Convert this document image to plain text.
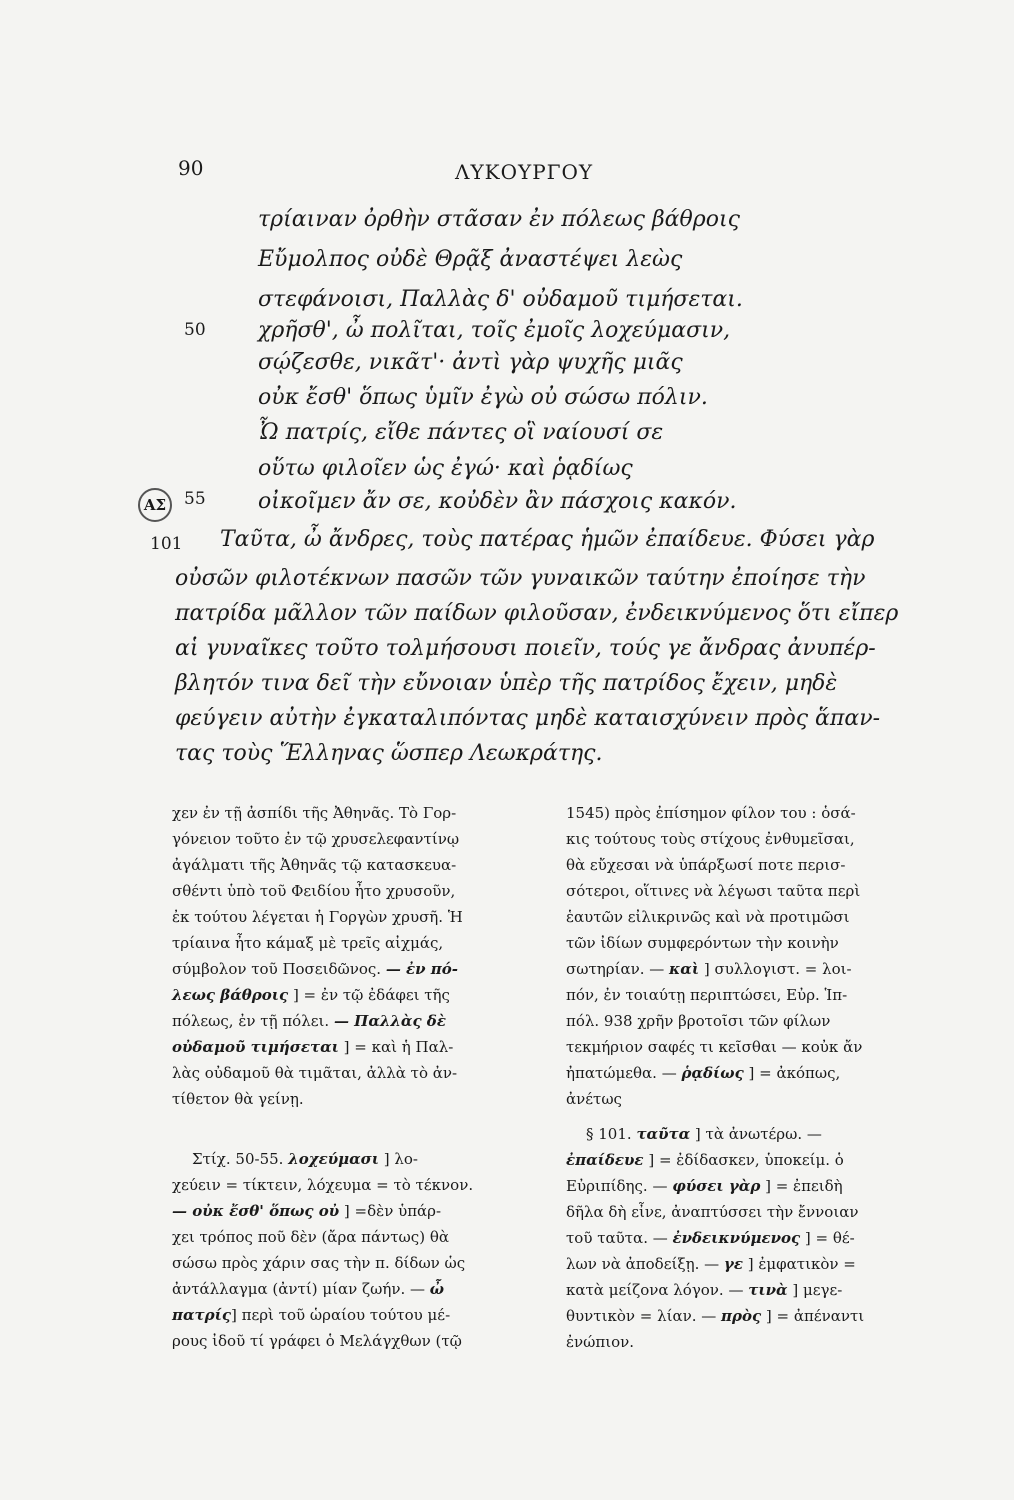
90	ΛΥΚΟΥΡΓΟΥ
τρίαιναν ὀρθὴν στᾶσαν ἐν πόλεως βάθροις
Εὔμολπος οὐδὲ Θρᾷξ ἀναστέψει λεὼς
στεφάνοισι, Παλλὰς δ' οὐδαμοῦ τιμήσεται.
50 χρῆσθ', ὦ πολῖται, τοῖς ἐμοῖς λοχεύμασιν,
σῴζεσθε, νικᾶτ'· ἀντὶ γὰρ ψυχῆς μιᾶς
οὐκ ἔσθ' ὅπως ὑμῖν ἐγὼ οὐ σώσω πόλιν.
Ὦ πατρίς, εἴθε πάντες οἳ ναίουσί σε
οὕτω φιλοῖεν ὡς ἐγώ· καὶ ῥᾳδίως
ΑΣ 55 οἰκοῖμεν ἄν σε, κοὐδὲν ἂν πάσχοις κακόν.
101 Ταῦτα, ὦ ἄνδρες, τοὺς πατέρας ἡμῶν ἐπαίδευε. Φύσει γὰρ
οὐσῶν φιλοτέκνων πασῶν τῶν γυναικῶν ταύτην ἐποίησε τὴν
πατρίδα μᾶλλον τῶν παίδων φιλοῦσαν, ἐνδεικνύμενος ὅτι εἴπερ
αἱ γυναῖκες τοῦτο τολμήσουσι ποιεῖν, τούς γε ἄνδρας ἀνυπέρ-
βλητόν τινα δεῖ τὴν εὔνοιαν ὑπὲρ τῆς πατρίδος ἔχειν, μηδὲ
φεύγειν αὐτὴν ἐγκαταλιπόντας μηδὲ καταισχύνειν πρὸς ἅπαν-
τας τοὺς Ἕλληνας ὥσπερ Λεωκράτης.
χεν ἐν τῇ ἀσπίδι τῆς Ἀθηνᾶς. Τὸ Γορ-
γόνειον τοῦτο ἐν τῷ χρυσελεφαντίνῳ
ἀγάλματι τῆς Ἀθηνᾶς τῷ κατασκευα-
σθέντι ὑπὸ τοῦ Φειδίου ἦτο χρυσοῦν,
ἐκ τούτου λέγεται ἡ Γοργὼν χρυσῆ. Ἡ
τρίαινα ἦτο κάμαξ μὲ τρεῖς αἰχμάς,
σύμβολον τοῦ Ποσειδῶνος. — ἐν πό-
λεως βάθροις ] = ἐν τῷ ἐδάφει τῆς
πόλεως, ἐν τῇ πόλει. — Παλλὰς δὲ
οὐδαμοῦ τιμήσεται ] = καὶ ἡ Παλ-
λὰς οὐδαμοῦ θὰ τιμᾶται, ἀλλὰ τὸ ἀν-
τίθετον θὰ γείνῃ.
Στίχ. 50-55. λοχεύμασι ] λο-
χεύειν = τίκτειν, λόχευμα = τὸ τέκνον.
— οὐκ ἔσθ' ὅπως οὐ ] =δὲν ὑπάρ-
χει τρόπος ποῦ δὲν (ἄρα πάντως) θὰ
σώσω πρὸς χάριν σας τὴν π. δίδων ὡς
ἀντάλλαγμα (ἀντί) μίαν ζωήν. — ὦ
πατρίς] περὶ τοῦ ὡραίου τούτου μέ-
ρους ἰδοῦ τί γράφει ὁ Μελάγχθων (τῷ
1545) πρὸς ἐπίσημον φίλον του : ὁσά-
κις τούτους τοὺς στίχους ἐνθυμεῖσαι,
θὰ εὔχεσαι νὰ ὑπάρξωσί ποτε περισ-
σότεροι, οἵτινες νὰ λέγωσι ταῦτα περὶ
ἑαυτῶν εἰλικρινῶς καὶ νὰ προτιμῶσι
τῶν ἰδίων συμφερόντων τὴν κοινὴν
σωτηρίαν. — καὶ ] συλλογιστ. = λοι-
πόν, ἐν τοιαύτῃ περιπτώσει, Εὐρ. Ἱπ-
πόλ. 938 χρῆν βροτοῖσι τῶν φίλων
τεκμήριον σαφές τι κεῖσθαι — κοὐκ ἄν
ἠπατώμεθα. — ῥᾳδίως ] = ἀκόπως,
ἀνέτως
§ 101. ταῦτα ] τὰ ἀνωτέρω. —
ἐπαίδευε ] = ἐδίδασκεν, ὑποκείμ. ὁ
Εὐριπίδης. — φύσει γὰρ ] = ἐπειδὴ
δῆλα δὴ εἶνε, ἀναπτύσσει τὴν ἔννοιαν
τοῦ ταῦτα. — ἐνδεικνύμενος ] = θέ-
λων νὰ ἀποδείξῃ. — γε ] ἐμφατικὸν =
κατὰ μείζονα λόγον. — τινὰ ] μεγε-
θυντικὸν = λίαν. — πρὸς ] = ἀπέναντι
ἐνώπιον.
